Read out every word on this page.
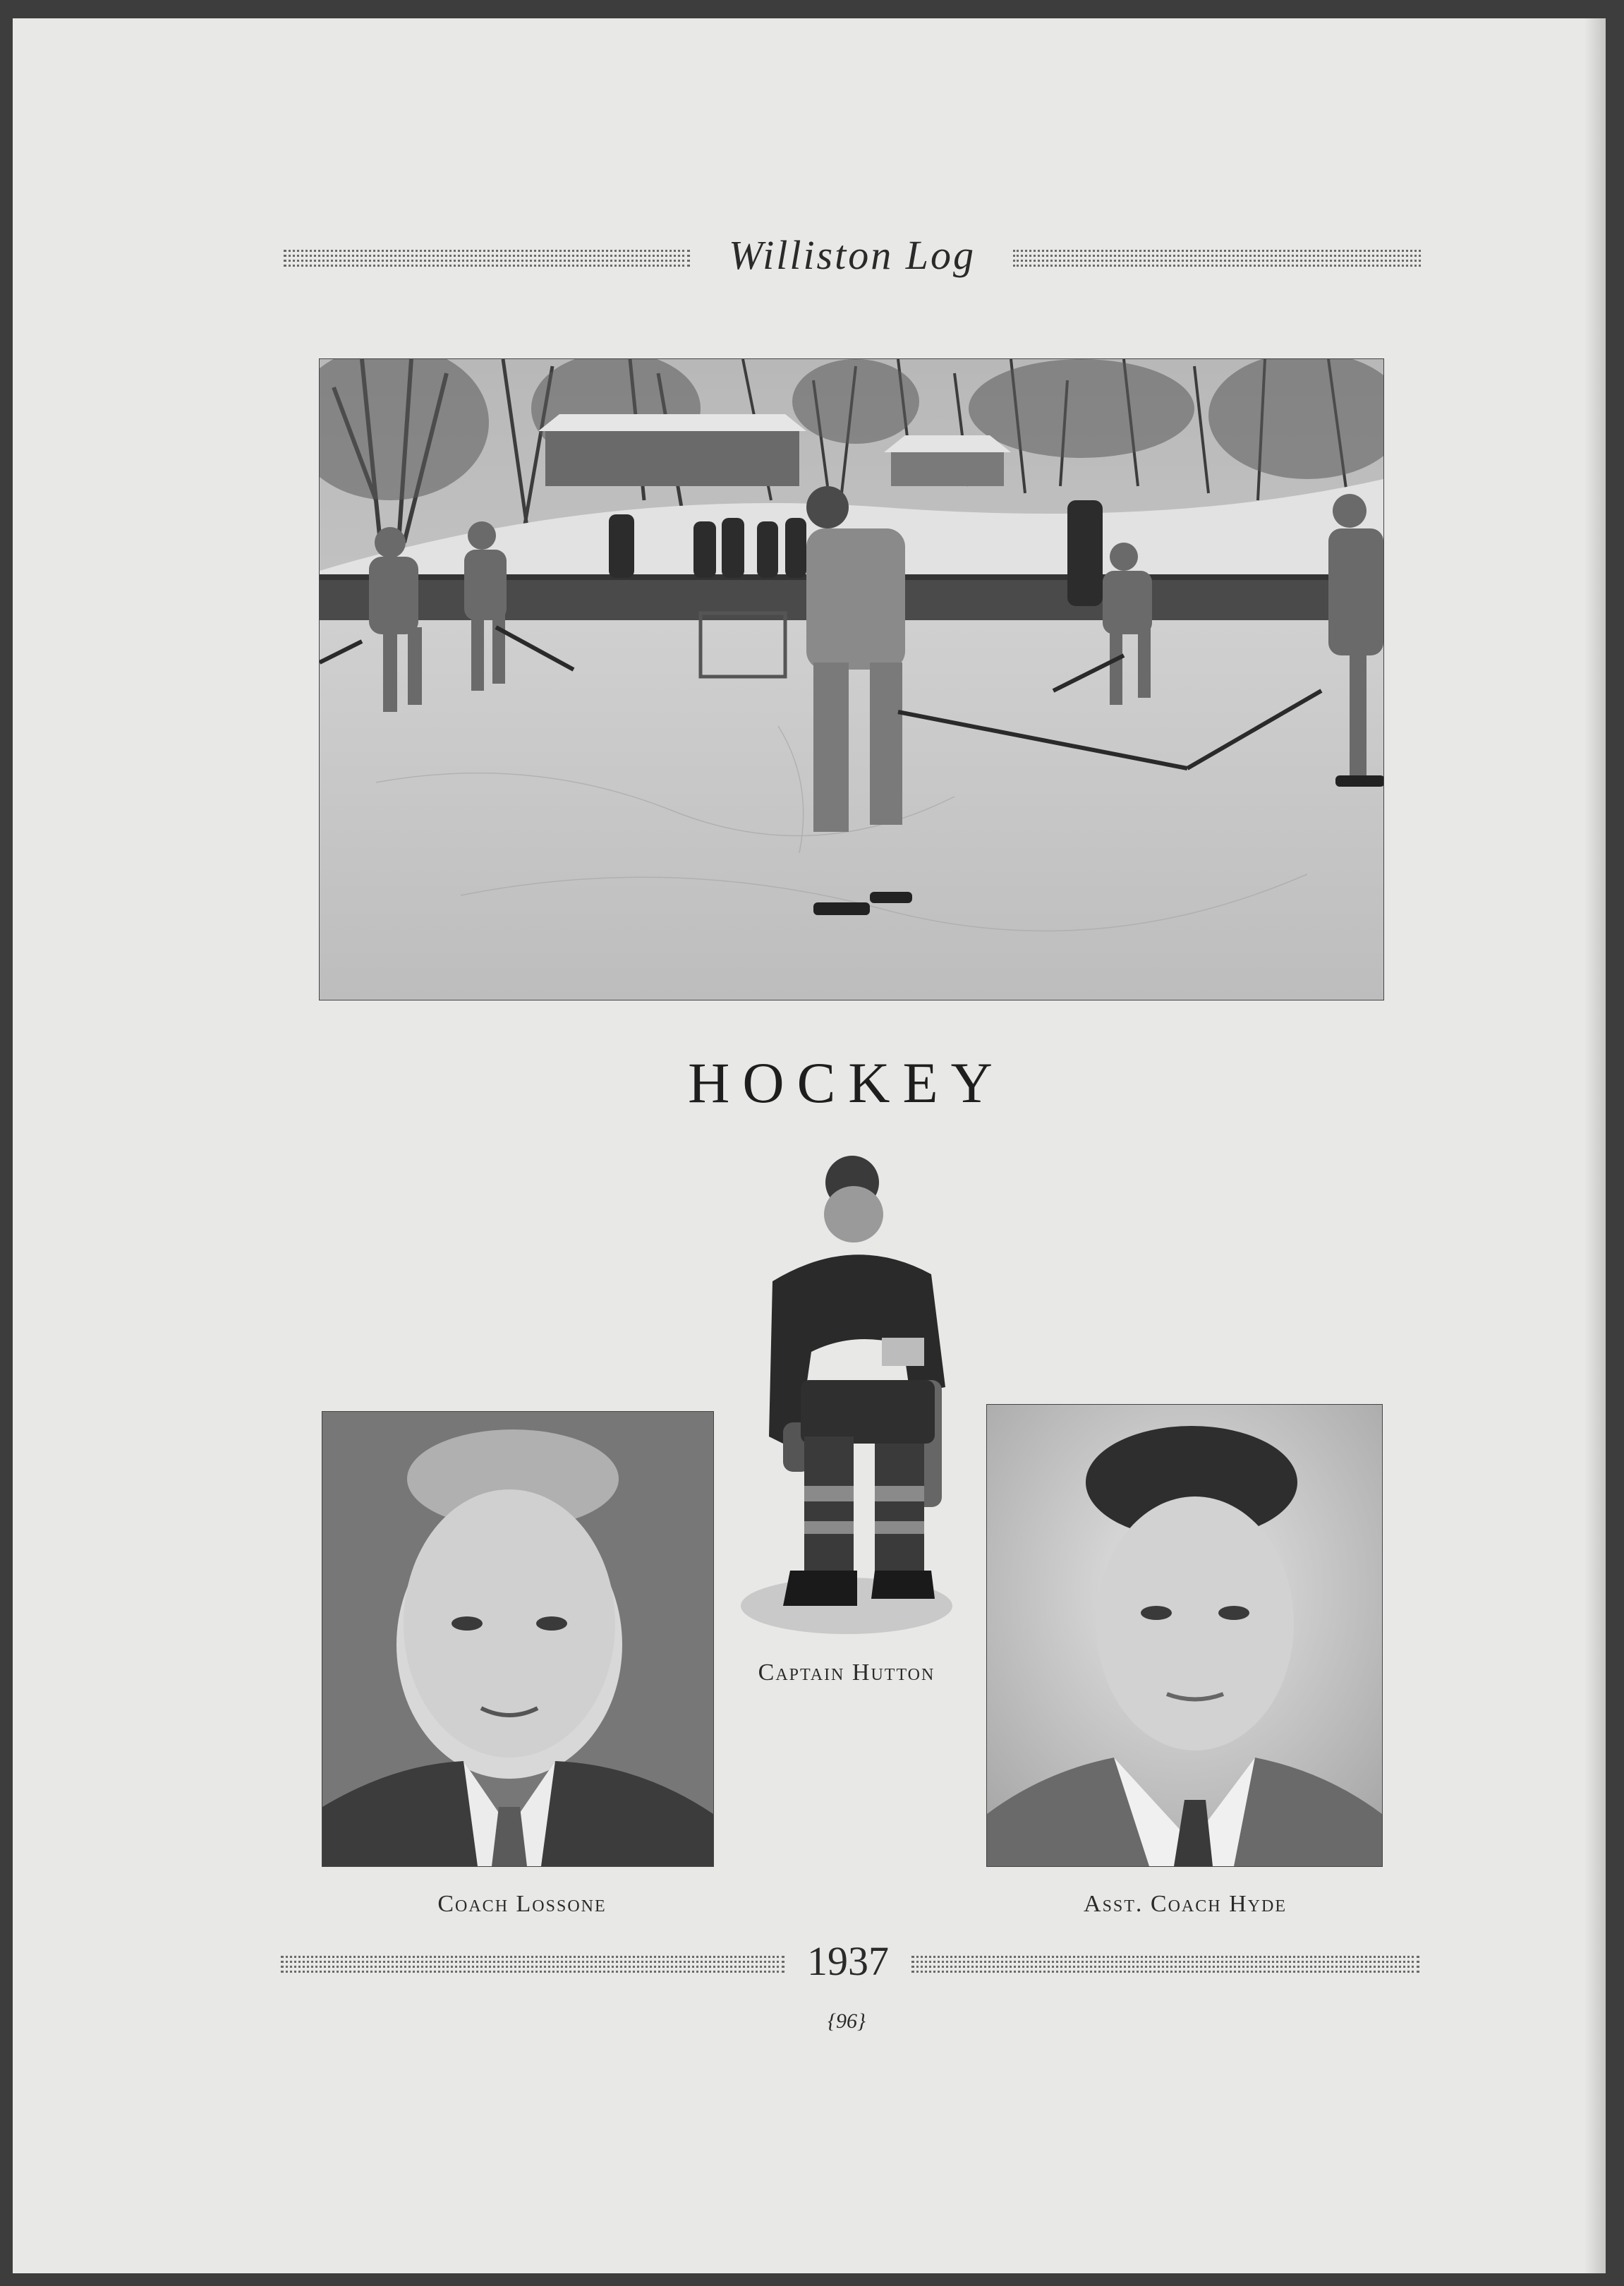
Williston Log
HOCKEY
Captain Hutton
Coach Lossone	Asst. Coach Hyde
1937
{96}
